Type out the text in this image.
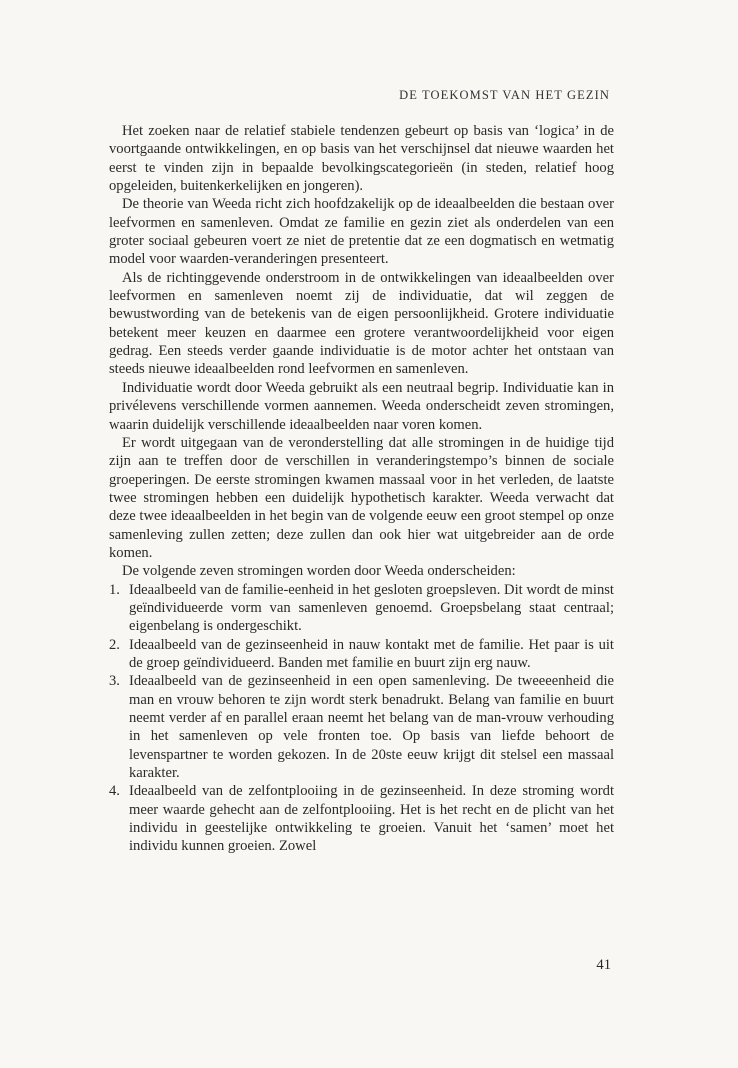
DE TOEKOMST VAN HET GEZIN

Het zoeken naar de relatief stabiele tendenzen gebeurt op basis van ‘logica’ in de voortgaande ontwikkelingen, en op basis van het verschijnsel dat nieuwe waarden het eerst te vinden zijn in bepaalde bevolkingscategorieën (in steden, relatief hoog opgeleiden, buitenkerkelijken en jongeren).

De theorie van Weeda richt zich hoofdzakelijk op de ideaalbeelden die bestaan over leefvormen en samenleven. Omdat ze familie en gezin ziet als onderdelen van een groter sociaal gebeuren voert ze niet de pretentie dat ze een dogmatisch en wetmatig model voor waarden-veranderingen presenteert.

Als de richtinggevende onderstroom in de ontwikkelingen van ideaalbeelden over leefvormen en samenleven noemt zij de individuatie, dat wil zeggen de bewustwording van de betekenis van de eigen persoonlijkheid. Grotere individuatie betekent meer keuzen en daarmee een grotere verantwoordelijkheid voor eigen gedrag. Een steeds verder gaande individuatie is de motor achter het ontstaan van steeds nieuwe ideaalbeelden rond leefvormen en samenleven.

Individuatie wordt door Weeda gebruikt als een neutraal begrip. Individuatie kan in privélevens verschillende vormen aannemen. Weeda onderscheidt zeven stromingen, waarin duidelijk verschillende ideaalbeelden naar voren komen.

Er wordt uitgegaan van de veronderstelling dat alle stromingen in de huidige tijd zijn aan te treffen door de verschillen in veranderingstempo’s binnen de sociale groeperingen. De eerste stromingen kwamen massaal voor in het verleden, de laatste twee stromingen hebben een duidelijk hypothetisch karakter. Weeda verwacht dat deze twee ideaalbeelden in het begin van de volgende eeuw een groot stempel op onze samenleving zullen zetten; deze zullen dan ook hier wat uitgebreider aan de orde komen.

De volgende zeven stromingen worden door Weeda onderscheiden:

1. Ideaalbeeld van de familie-eenheid in het gesloten groepsleven. Dit wordt de minst geïndividueerde vorm van samenleven genoemd. Groepsbelang staat centraal; eigenbelang is ondergeschikt.
2. Ideaalbeeld van de gezinseenheid in nauw kontakt met de familie. Het paar is uit de groep geïndividueerd. Banden met familie en buurt zijn erg nauw.
3. Ideaalbeeld van de gezinseenheid in een open samenleving. De tweeeenheid die man en vrouw behoren te zijn wordt sterk benadrukt. Belang van familie en buurt neemt verder af en parallel eraan neemt het belang van de man-vrouw verhouding in het samenleven op vele fronten toe. Op basis van liefde behoort de levenspartner te worden gekozen. In de 20ste eeuw krijgt dit stelsel een massaal karakter.
4. Ideaalbeeld van de zelfontplooiing in de gezinseenheid. In deze stroming wordt meer waarde gehecht aan de zelfontplooiing. Het is het recht en de plicht van het individu in geestelijke ontwikkeling te groeien. Vanuit het ‘samen’ moet het individu kunnen groeien. Zowel
41
